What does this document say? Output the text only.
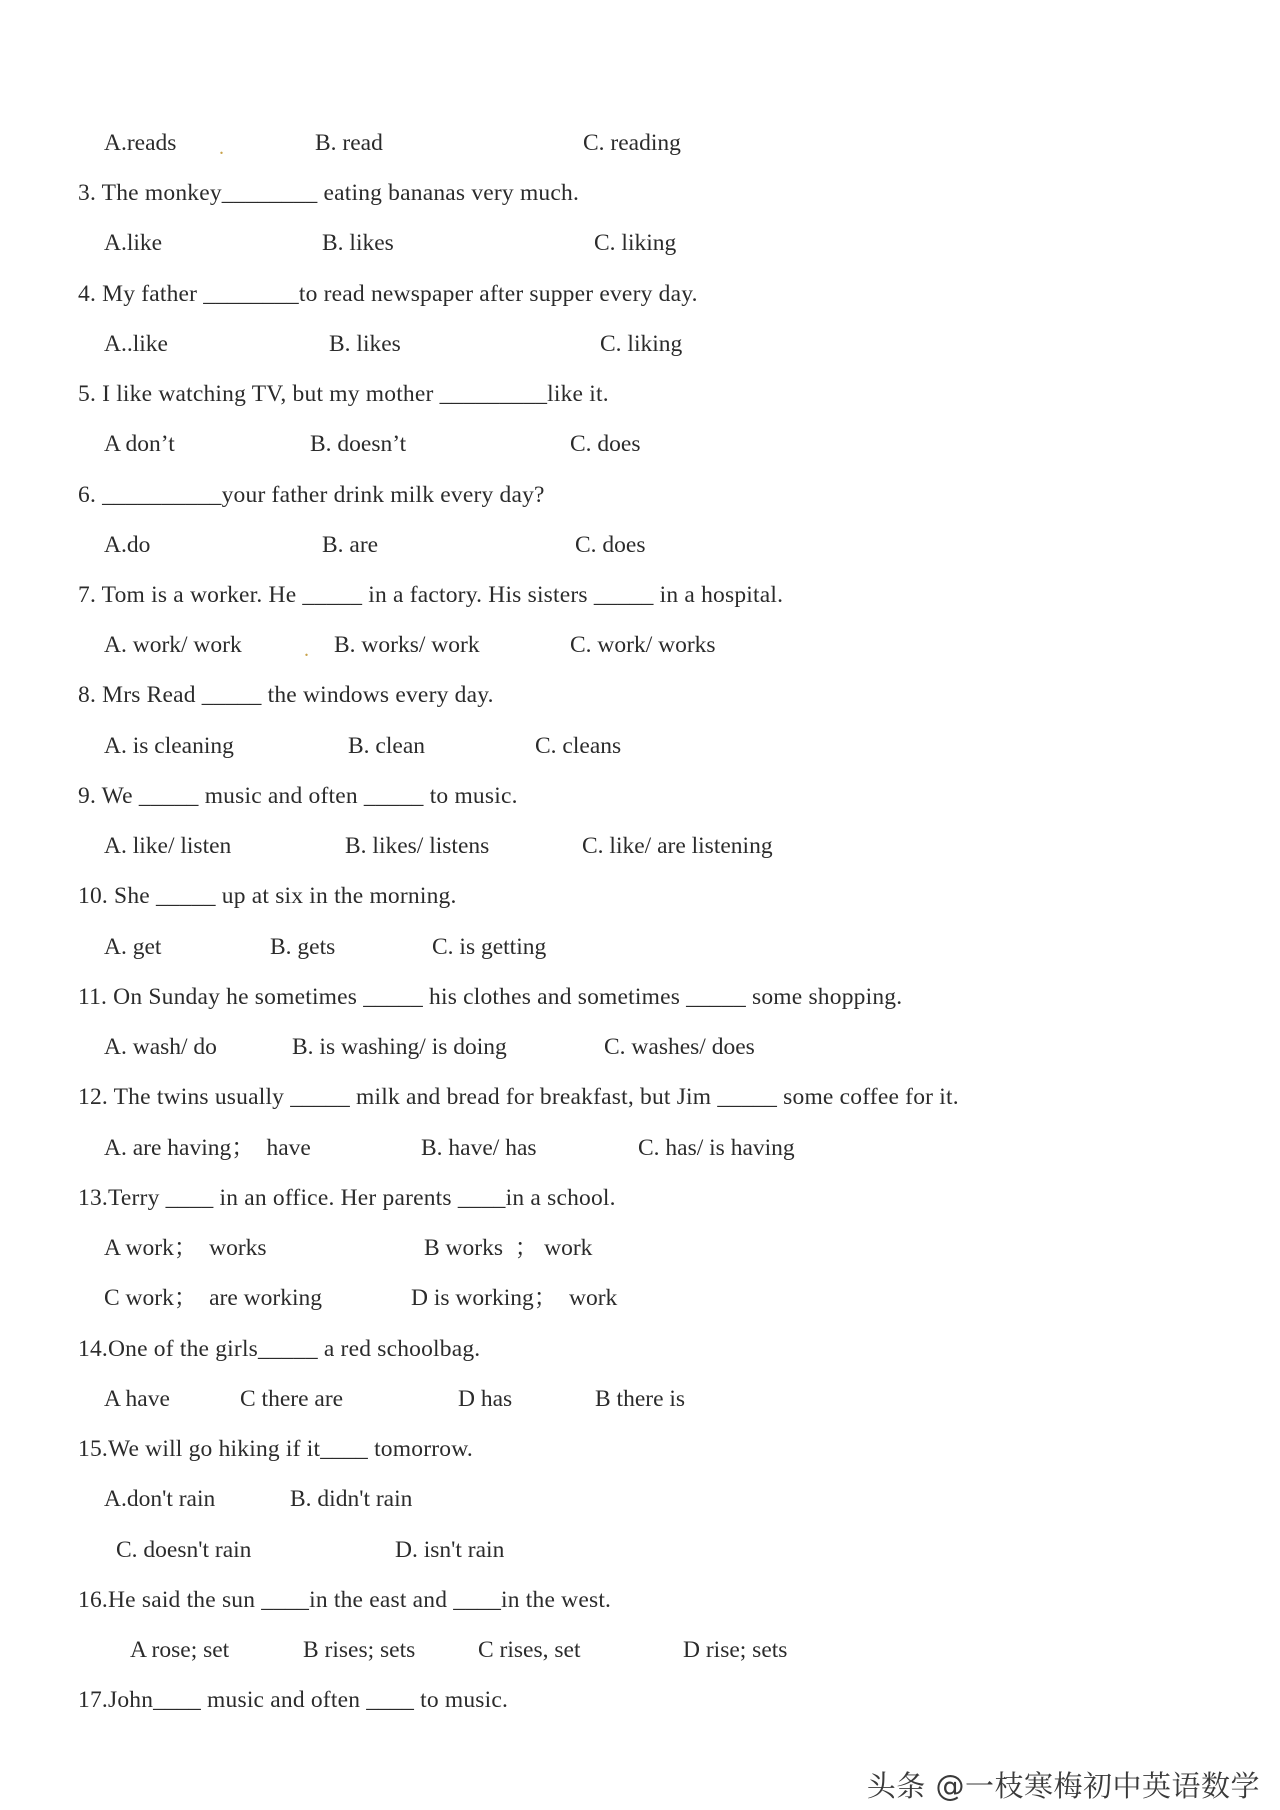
A.reads .	B. read	C. reading
3. The monkey________ eating bananas very much.
A.like	B. likes	C. liking
4. My father ________to read newspaper after supper every day.
A..like	B. likes	C. liking
5. I like watching TV, but my mother _________like it.
A don’t	B. doesn’t	C. does
6. __________your father drink milk every day?
A.do	B. are	C. does
7. Tom is a worker. He _____ in a factory. His sisters _____ in a hospital.
A. work/ work	. B. works/ work	C. work/ works
8. Mrs Read _____ the windows every day.
A. is cleaning	B. clean	C. cleans
9. We _____ music and often _____ to music.
A. like/ listen	B. likes/ listens	C. like/ are listening
10. She _____ up at six in the morning.
A. get	B. gets	C. is getting
11. On Sunday he sometimes _____ his clothes and sometimes _____ some shopping.
A. wash/ do	B. is washing/ is doing	C. washes/ does
12. The twins usually _____ milk and bread for breakfast, but Jim _____ some coffee for it.
A. are having；  have	B. have/ has	C. has/ is having
13.Terry ____ in an office. Her parents ____in a school.
A work；  works	B works  ； work
C work；  are working	D is working；  work
14.One of the girls_____ a red schoolbag.
A have	C there are	D has	B there is
15.We will go hiking if it____ tomorrow.
A.don't rain	B. didn't rain
C. doesn't rain	D. isn't rain
16.He said the sun ____in the east and ____in the west.
A rose; set	B rises; sets	C rises, set	D rise; sets
17.John____ music and often ____ to music.
头条 @一枝寒梅初中英语数学
